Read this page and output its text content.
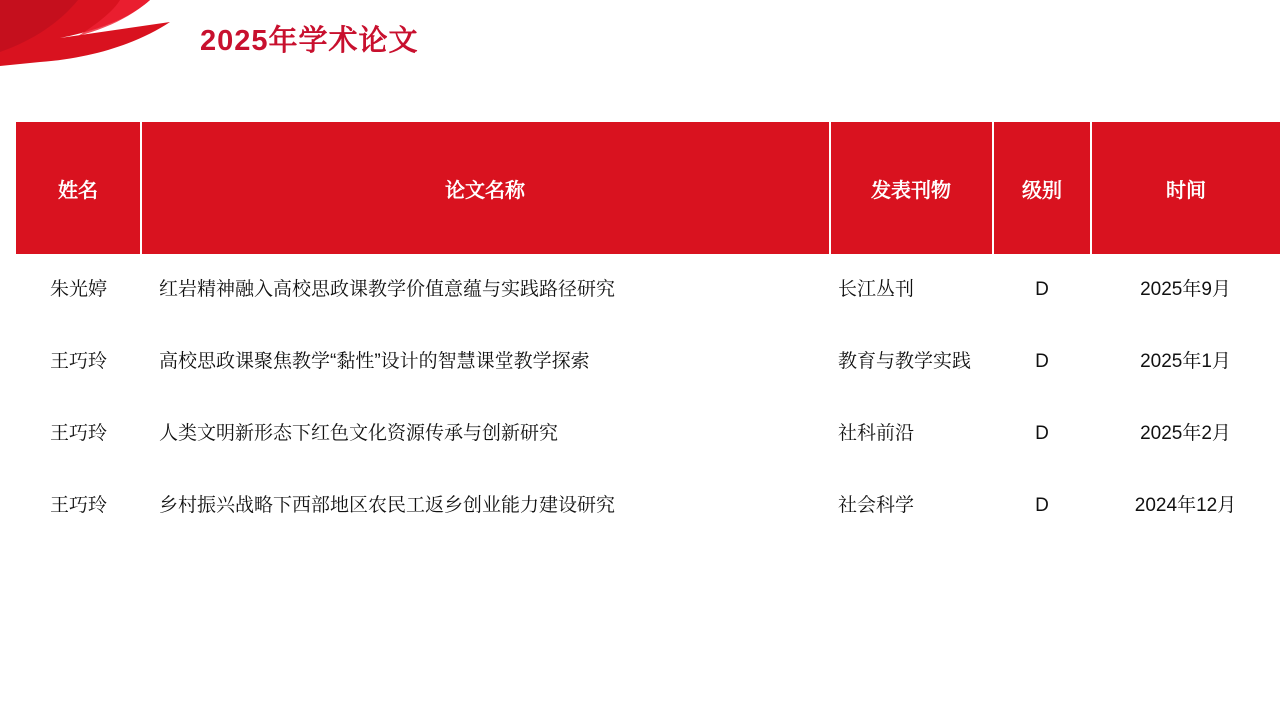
2025年学术论文
姓名	论文名称	发表刊物	级别	时间
朱光婷	红岩精神融入高校思政课教学价值意蕴与实践路径研究	长江丛刊	D	2025年9月
王巧玲	高校思政课聚焦教学“黏性”设计的智慧课堂教学探索	教育与教学实践	D	2025年1月
王巧玲	人类文明新形态下红色文化资源传承与创新研究	社科前沿	D	2025年2月
王巧玲	乡村振兴战略下西部地区农民工返乡创业能力建设研究	社会科学	D	2024年12月
